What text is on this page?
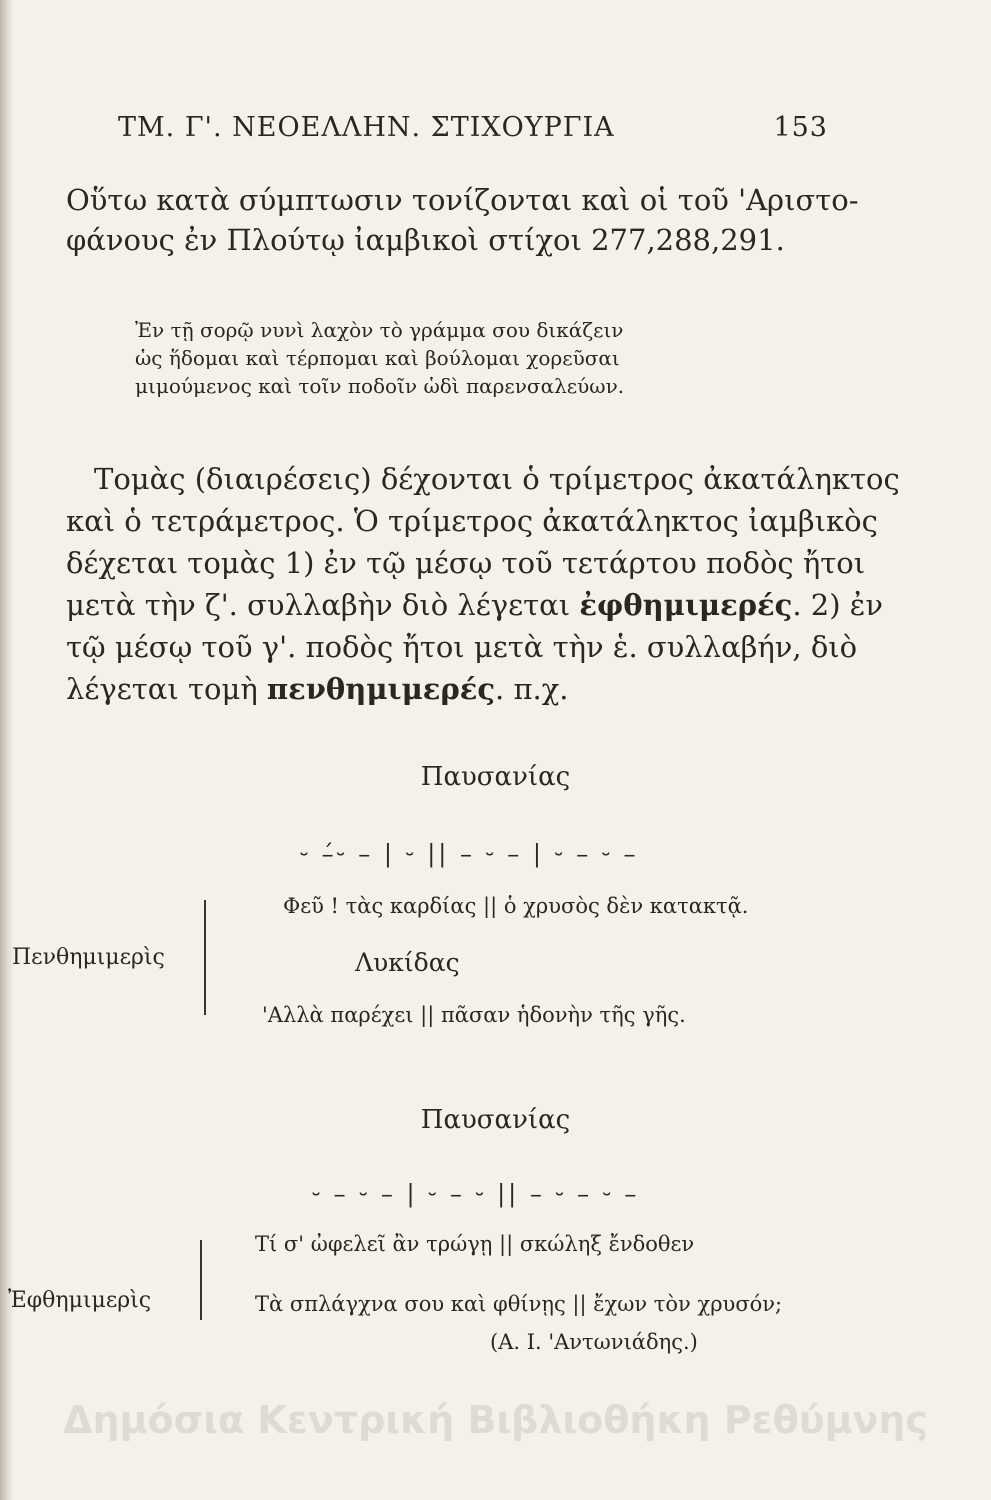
ΤΜ. Γ'. ΝΕΟΕΛΛΗΝ. ΣΤΙΧΟΥΡΓΙΑ	153

Οὕτω κατὰ σύμπτωσιν τονίζονται καὶ οἱ τοῦ 'Αριστο-

φάνους ἐν Πλούτῳ ἰαμβικοὶ στίχοι 277,288,291.

Ἐν τῇ σορῷ νυνὶ λαχὸν τὸ γράμμα σου δικάζειν

ὡς ἥδομαι καὶ τέρπομαι καὶ βούλομαι χορεῦσαι

μιμούμενος καὶ τοῖν ποδοῖν ὡδὶ παρενσαλεύων.

Τομὰς (διαιρέσεις) δέχονται ὁ τρίμετρος ἀκατάληκτος

καὶ ὁ τετράμετρος. Ὁ τρίμετρος ἀκατάληκτος ἰαμβικὸς

δέχεται τομὰς 1) ἐν τῷ μέσῳ τοῦ τετάρτου ποδὸς ἤτοι

μετὰ τὴν ζ'. συλλαβὴν διὸ λέγεται ἐφθημιμερές. 2) ἐν

τῷ μέσῳ τοῦ γ'. ποδὸς ἤτοι μετὰ τὴν ἑ. συλλαβήν, διὸ

λέγεται τομὴ πενθημιμερές. π.χ.

Παυσανίας
⏑ –́⏑ – | ⏑ || – ⏑ – | ⏑ – ⏑ –
Φεῦ ! τὰς καρδίας || ὁ χρυσὸς δὲν κατακτᾷ.
Λυκίδας
'Αλλὰ παρέχει || πᾶσαν ἡδονὴν τῆς γῆς.
Πενθημιμερὶς
Παυσανίας
⏑ – ⏑ – | ⏑ – ⏑ || – ⏑ – ⏑ –
Τί σ' ὠφελεῖ ἂν τρώγῃ || σκώληξ ἔνδοθεν
Τὰ σπλάγχνα σου καὶ φθίνῃς || ἔχων τὸν χρυσόν;
(Α. Ι. 'Αντωνιάδης.)
Ἐφθημιμερὶς
Δημόσια Κεντρική Βιβλιοθήκη Ρεθύμνης
